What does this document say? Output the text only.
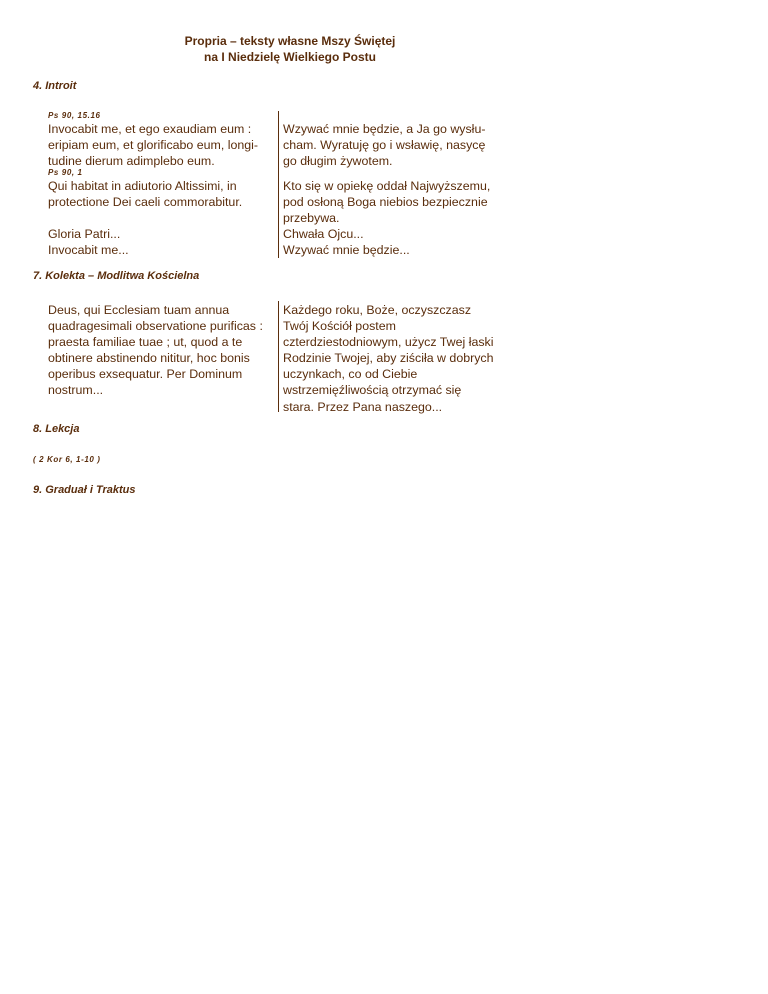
Propria – teksty własne Mszy Świętej
na I Niedzielę Wielkiego Postu
4. Introit
Ps 90, 15.16
Invocabit me, et ego exaudiam eum :
eripiam eum, et glorificabo eum, longi-
tudine dierum adimplebo eum.
Wzywać mnie będzie, a Ja go wysłu-
cham. Wyratuję go i wsławię, nasycę
go długim żywotem.
Ps 90, 1
Qui habitat in adiutorio Altissimi, in
protectione Dei caeli commorabitur.
Gloria Patri...
Invocabit me...
Kto się w opiekę oddał Najwyższemu,
pod osłoną Boga niebios bezpiecznie
przebywa.
Chwała Ojcu...
Wzywać mnie będzie...
7. Kolekta – Modlitwa Kościelna
Deus, qui Ecclesiam tuam annua
quadragesimali observatione purificas :
praesta familiae tuae ; ut, quod a te
obtinere abstinendo nititur, hoc bonis
operibus exsequatur. Per Dominum
nostrum...
Każdego roku, Boże, oczyszczasz
Twój Kościół postem
czterdziestodniowym, użycz Twej łaski
Rodzinie Twojej, aby ziściła w dobrych
uczynkach, co od Ciebie
wstrzemięźliwością otrzymać się
stara. Przez Pana naszego...
8. Lekcja
( 2 Kor 6, 1-10 )
9. Graduał i Traktus
